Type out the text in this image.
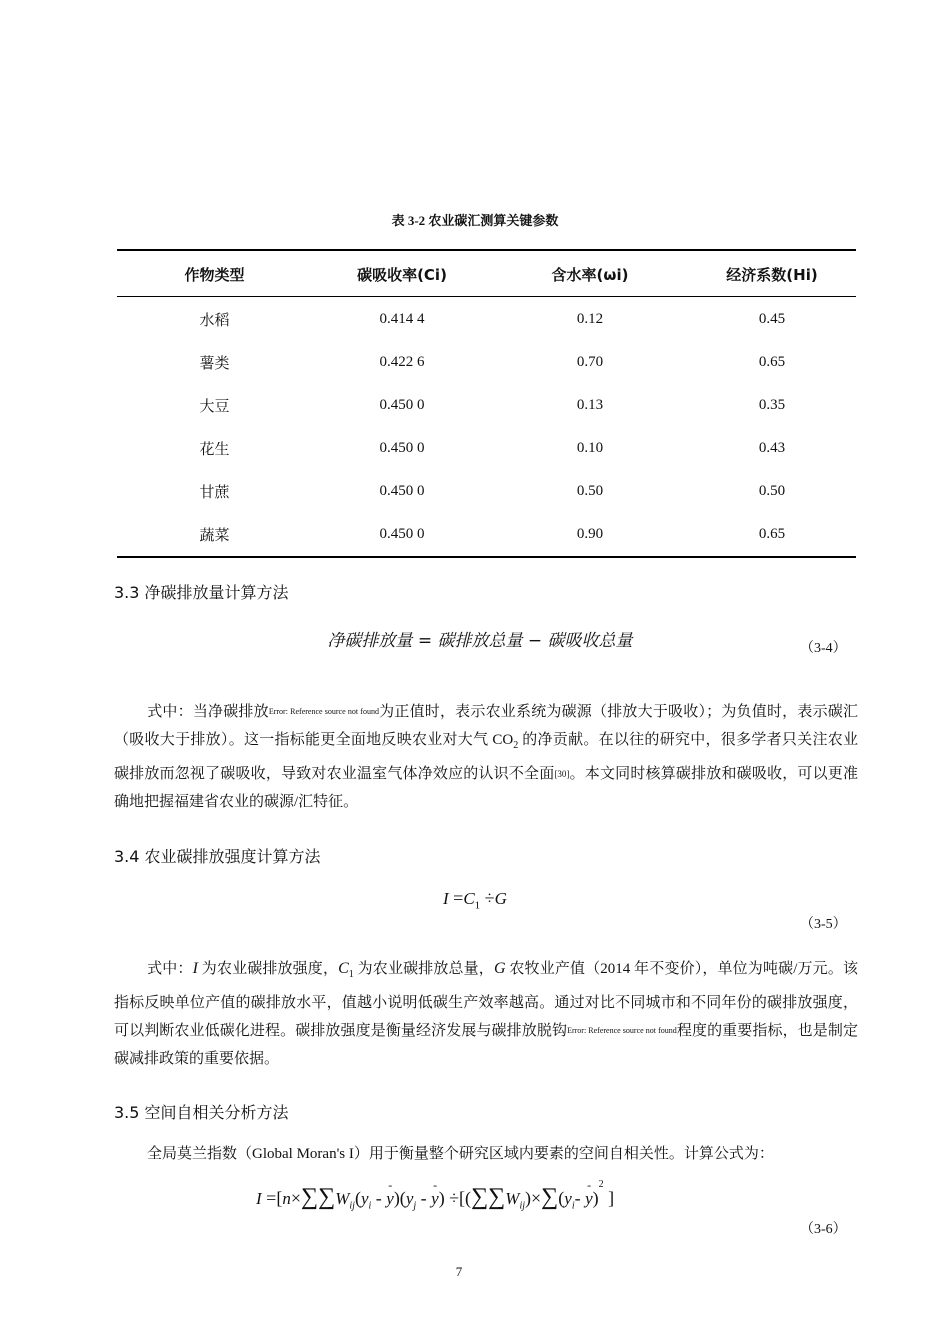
表 3-2 农业碳汇测算关键参数
作物类型	碳吸收率(Ci)	含水率(ωi)	经济系数(Hi)
水稻	0.414 4	0.12	0.45
薯类	0.422 6	0.70	0.65
大豆	0.450 0	0.13	0.35
花生	0.450 0	0.10	0.43
甘蔗	0.450 0	0.50	0.50
蔬菜	0.450 0	0.90	0.65
3.3 净碳排放量计算方法
净碳排放量 = 碳排放总量 − 碳吸收总量	（3-4）
式中：当净碳排放$^{Error: Reference source not found}$为正值时，表示农业系统为碳源（排放大于吸收）；为负值时，表示碳汇（吸收大于排放）。这一指标能更全面地反映农业对大气 $CO_2$ 的净贡献。在以往的研究中，很多学者只关注农业碳排放而忽视了碳吸收，导致对农业温室气体净效应的认识不全面[30]。本文同时核算碳排放和碳吸收，可以更准确地把握福建省农业的碳源/汇特征。
3.4 农业碳排放强度计算方法
$I =C_1 \div G$
（3-5）
式中：I 为农业碳排放强度，$C_1$ 为农业碳排放总量，G 农牧业产值（2014 年不变价），单位为吨碳/万元。该指标反映单位产值的碳排放水平，值越小说明低碳生产效率越高。通过对比不同城市和不同年份的碳排放强度，可以判断农业低碳化进程。碳排放强度是衡量经济发展与碳排放脱钩$^{Error: Reference source not found}$程度的重要指标，也是制定碳减排政策的重要依据。
3.5 空间自相关分析方法
全局莫兰指数（Global Moran's I）用于衡量整个研究区域内要素的空间自相关性。计算公式为：
$I =[n\times\sum\sum W_{ij}(y_i$ -
-
$y)(y_j$ -
-
$y) \div[(\sum\sum W_{ij})\times\sum(y_i-$
-
y)$^2$ ]
（3-6）
7
